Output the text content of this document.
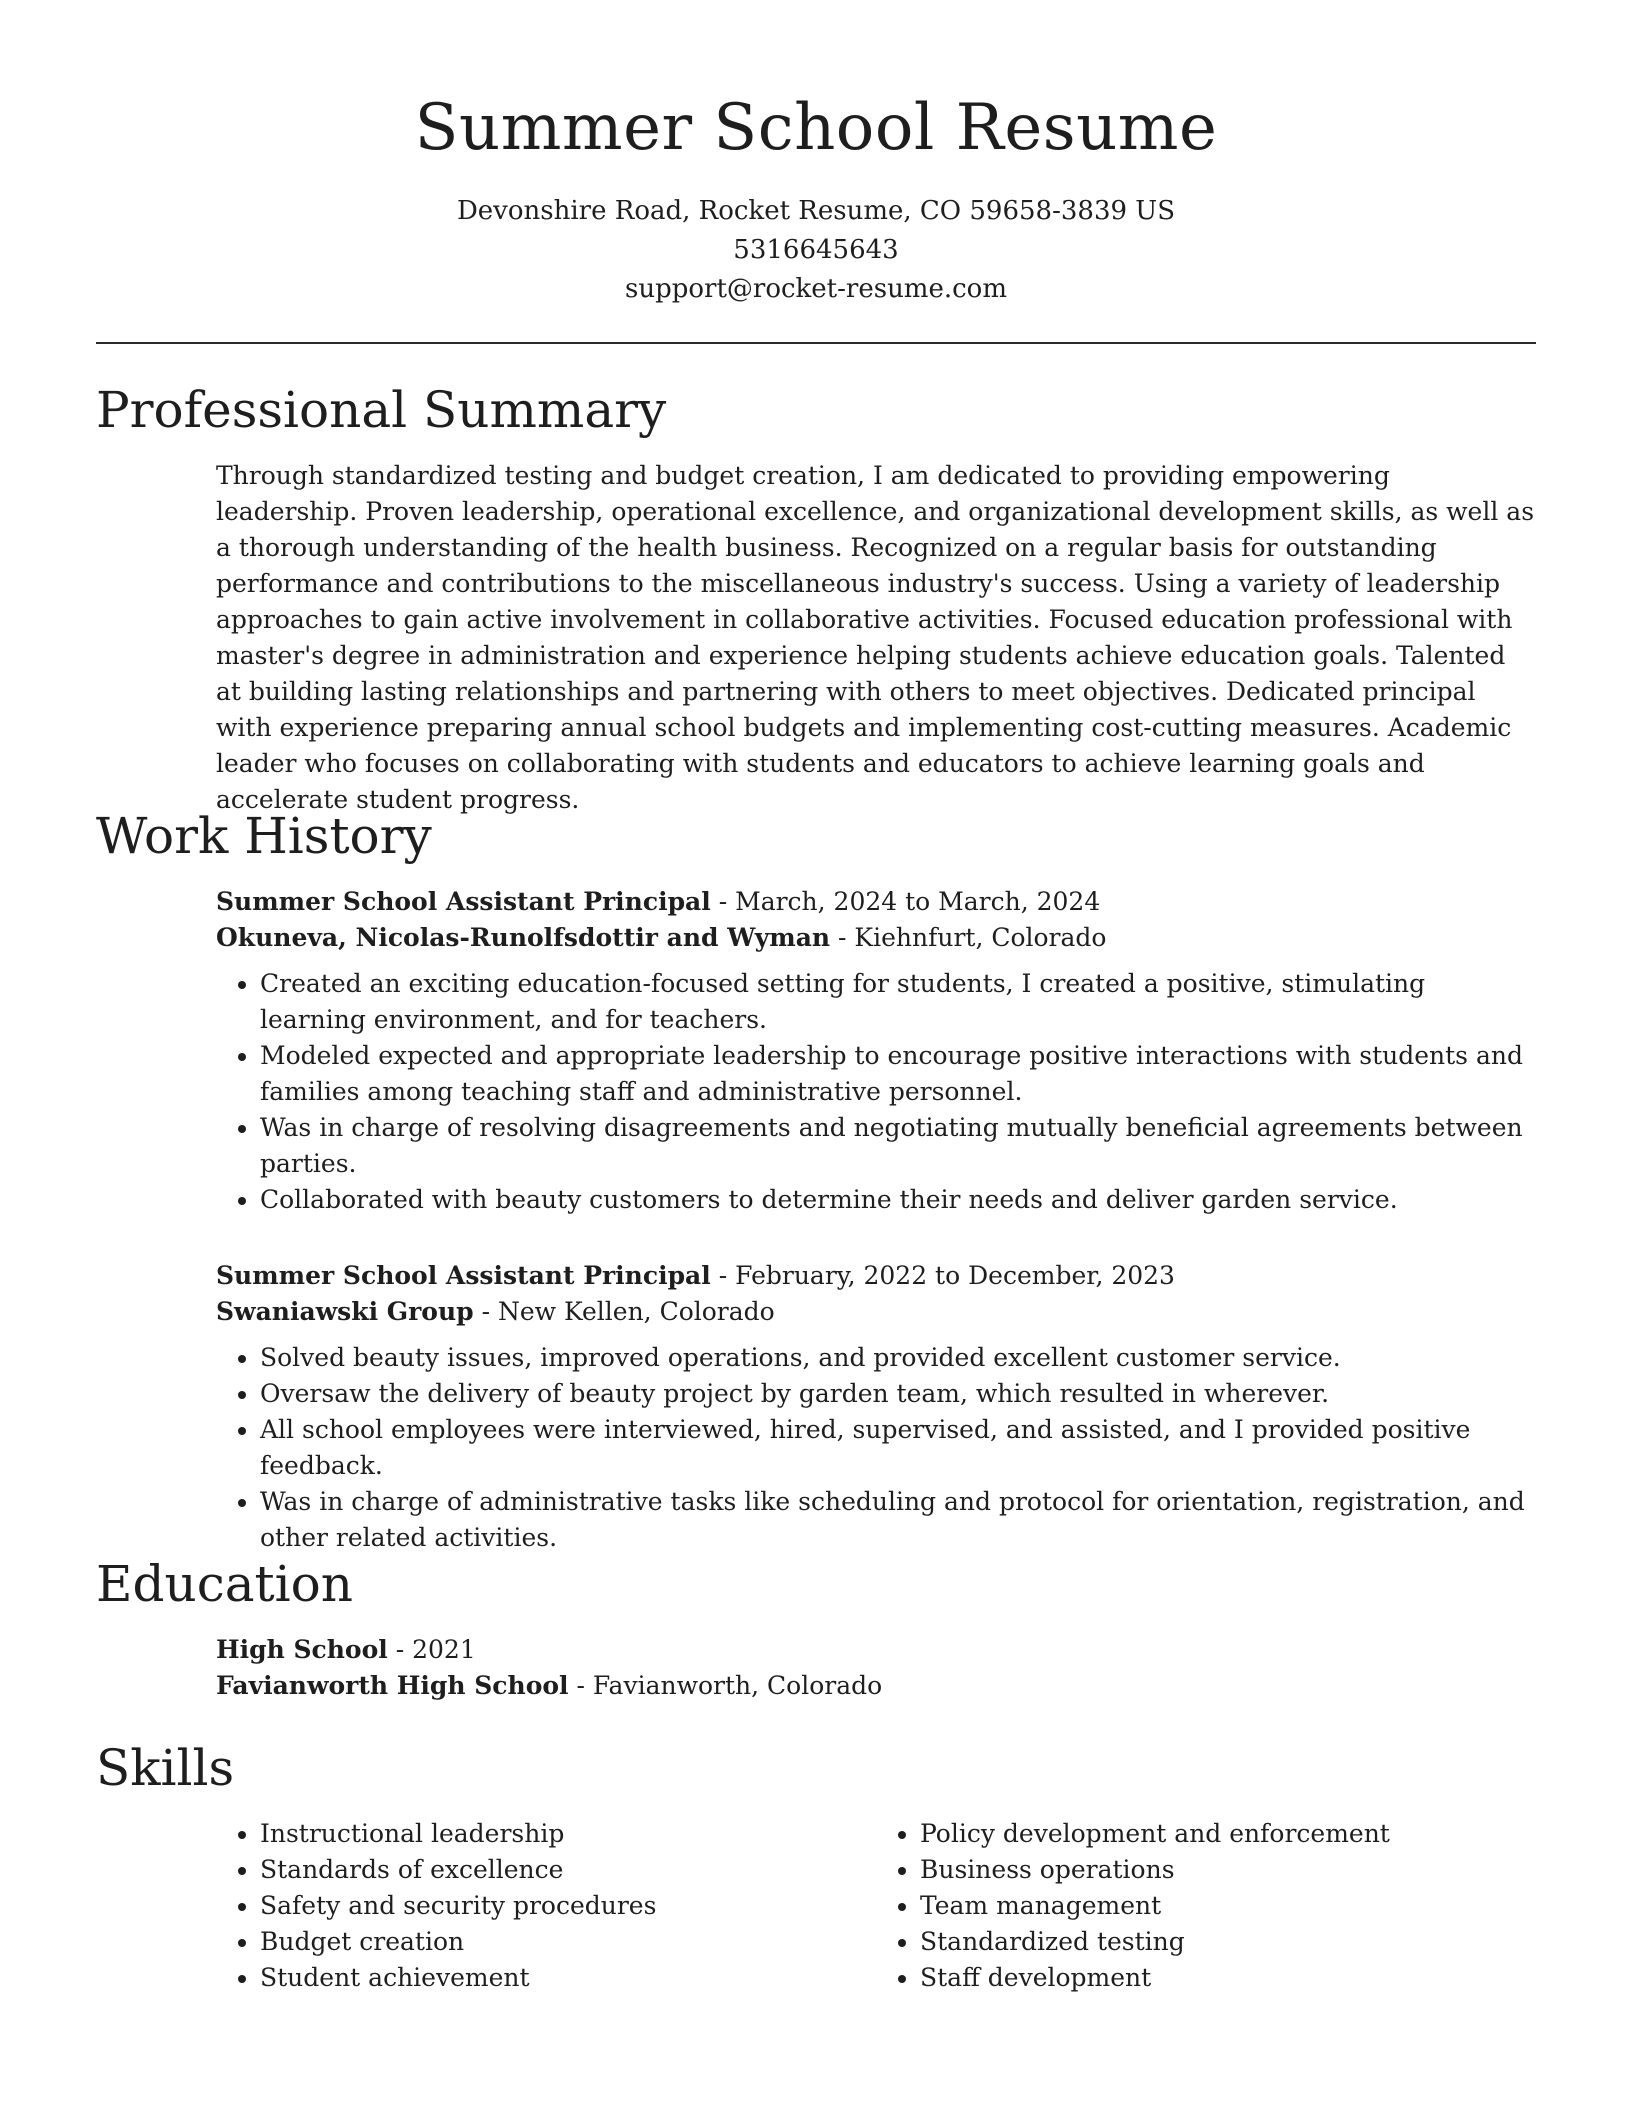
Summer School Resume
Devonshire Road, Rocket Resume, CO 59658-3839 US
5316645643
support@rocket-resume.com
Professional Summary

Through standardized testing and budget creation, I am dedicated to providing empowering leadership. Proven leadership, operational excellence, and organizational development skills, as well as a thorough understanding of the health business. Recognized on a regular basis for outstanding performance and contributions to the miscellaneous industry's success. Using a variety of leadership approaches to gain active involvement in collaborative activities. Focused education professional with master's degree in administration and experience helping students achieve education goals. Talented at building lasting relationships and partnering with others to meet objectives. Dedicated principal with experience preparing annual school budgets and implementing cost-cutting measures. Academic leader who focuses on collaborating with students and educators to achieve learning goals and accelerate student progress.

Work History
Summer School Assistant Principal - March, 2024 to March, 2024
Okuneva, Nicolas-Runolfsdottir and Wyman - Kiehnfurt, Colorado
• Created an exciting education-focused setting for students, I created a positive, stimulating learning environment, and for teachers.
• Modeled expected and appropriate leadership to encourage positive interactions with students and families among teaching staff and administrative personnel.
• Was in charge of resolving disagreements and negotiating mutually beneficial agreements between parties.
• Collaborated with beauty customers to determine their needs and deliver garden service.
Summer School Assistant Principal - February, 2022 to December, 2023
Swaniawski Group - New Kellen, Colorado
• Solved beauty issues, improved operations, and provided excellent customer service.
• Oversaw the delivery of beauty project by garden team, which resulted in wherever.
• All school employees were interviewed, hired, supervised, and assisted, and I provided positive feedback.
• Was in charge of administrative tasks like scheduling and protocol for orientation, registration, and other related activities.
Education
High School - 2021
Favianworth High School - Favianworth, Colorado
Skills
• Instructional leadership
• Standards of excellence
• Safety and security procedures
• Budget creation
• Student achievement
• Policy development and enforcement
• Business operations
• Team management
• Standardized testing
• Staff development
